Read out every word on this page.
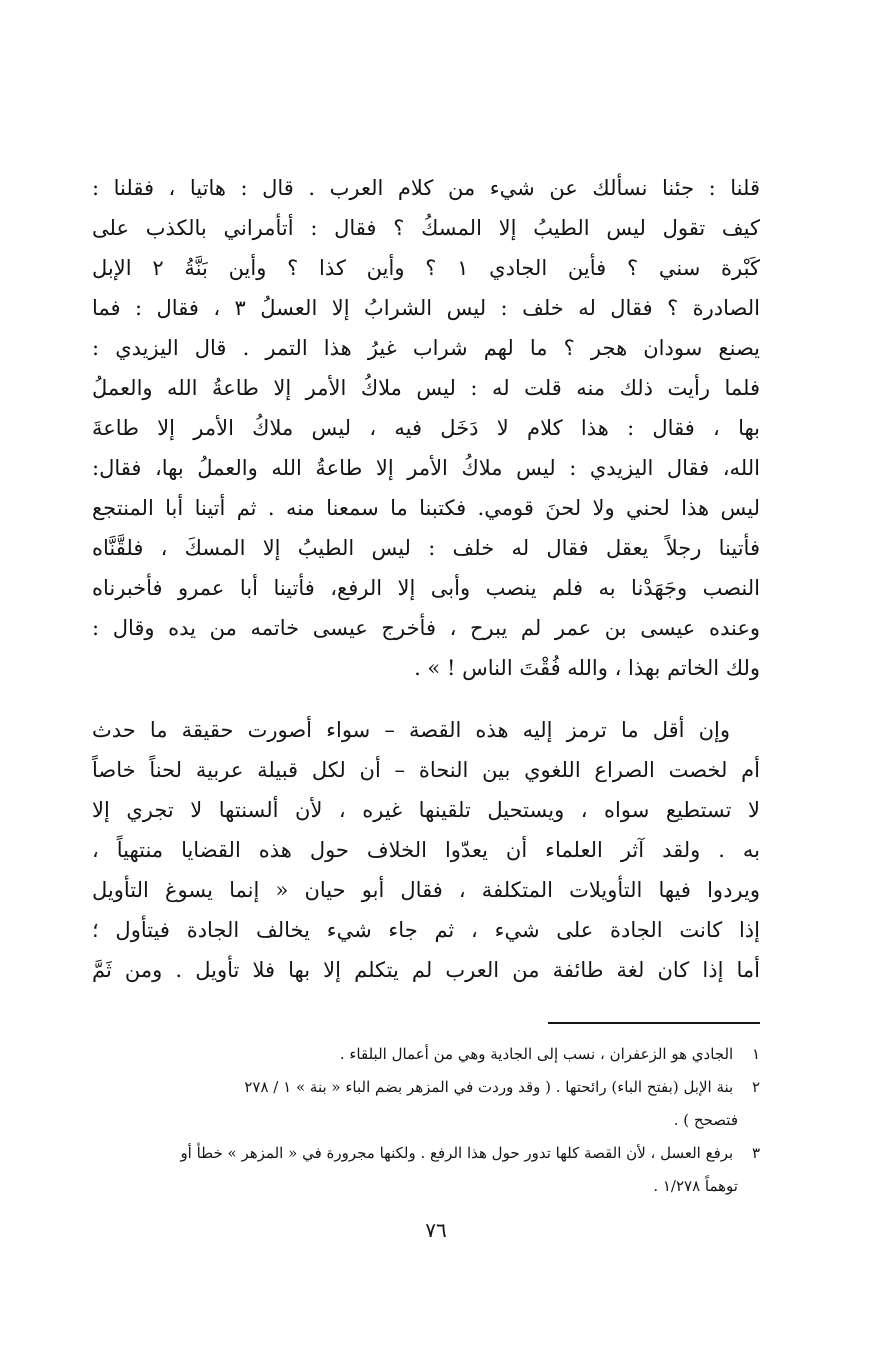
قلنا : جئنا نسألك عن شيء من كلام العرب . قال : هاتيا ، فقلنا :
كيف تقول ليس الطيبُ إلا المسكُ ؟ فقال : أتأمراني بالكذب على
كَبْرة سني ؟ فأين الجادي ١ ؟ وأين كذا ؟ وأين بَنَّةُ ٢ الإبل
الصادرة ؟ فقال له خلف : ليس الشرابُ إلا العسلُ ٣ ، فقال : فما
يصنع سودان هجر ؟ ما لهم شراب غيرُ هذا التمر . قال اليزيدي :
فلما رأيت ذلك منه قلت له : ليس ملاكُ الأمر إلا طاعةُ الله والعملُ
بها ، فقال : هذا كلام لا دَخَل فيه ، ليس ملاكُ الأمر إلا طاعةَ
الله، فقال اليزيدي : ليس ملاكُ الأمر إلا طاعةُ الله والعملُ بها، فقال:
ليس هذا لحني ولا لحنَ قومي. فكتبنا ما سمعنا منه . ثم أتينا أبا المنتجع
فأتينا رجلاً يعقل فقال له خلف : ليس الطيبُ إلا المسكَ ، فلقَّنَّاه
النصب وجَهَدْنا به فلم ينصب وأبى إلا الرفع، فأتينا أبا عمرو فأخبرناه
وعنده عيسى بن عمر لم يبرح ، فأخرج عيسى خاتمه من يده وقال :
ولك الخاتم بهذا ، والله فُقْتَ الناس ! » .
وإن أقل ما ترمز إليه هذه القصة – سواء أصورت حقيقة ما حدث
أم لخصت الصراع اللغوي بين النحاة – أن لكل قبيلة عربية لحناً خاصاً
لا تستطيع سواه ، ويستحيل تلقينها غيره ، لأن ألسنتها لا تجري إلا
به . ولقد آثر العلماء أن يعدّوا الخلاف حول هذه القضايا منتهياً ،
ويردوا فيها التأويلات المتكلفة ، فقال أبو حيان « إنما يسوغ التأويل
إذا كانت الجادة على شيء ، ثم جاء شيء يخالف الجادة فيتأول ؛
أما إذا كان لغة طائفة من العرب لم يتكلم إلا بها فلا تأويل . ومن ثَمَّ
١ الجادي هو الزعفران ، نسب إلى الجادية وهي من أعمال البلقاء .
٢ بنة الإبل (بفتح الباء) رائحتها . ( وقد وردت في المزهر بضم الباء « بنة » ١ / ٢٧٨
فتصحح ) .
٣ برفع العسل ، لأن القصة كلها تدور حول هذا الرفع . ولكنها مجرورة في « المزهر » خطأ أو
توهماً ١/٢٧٨ .
٧٦
